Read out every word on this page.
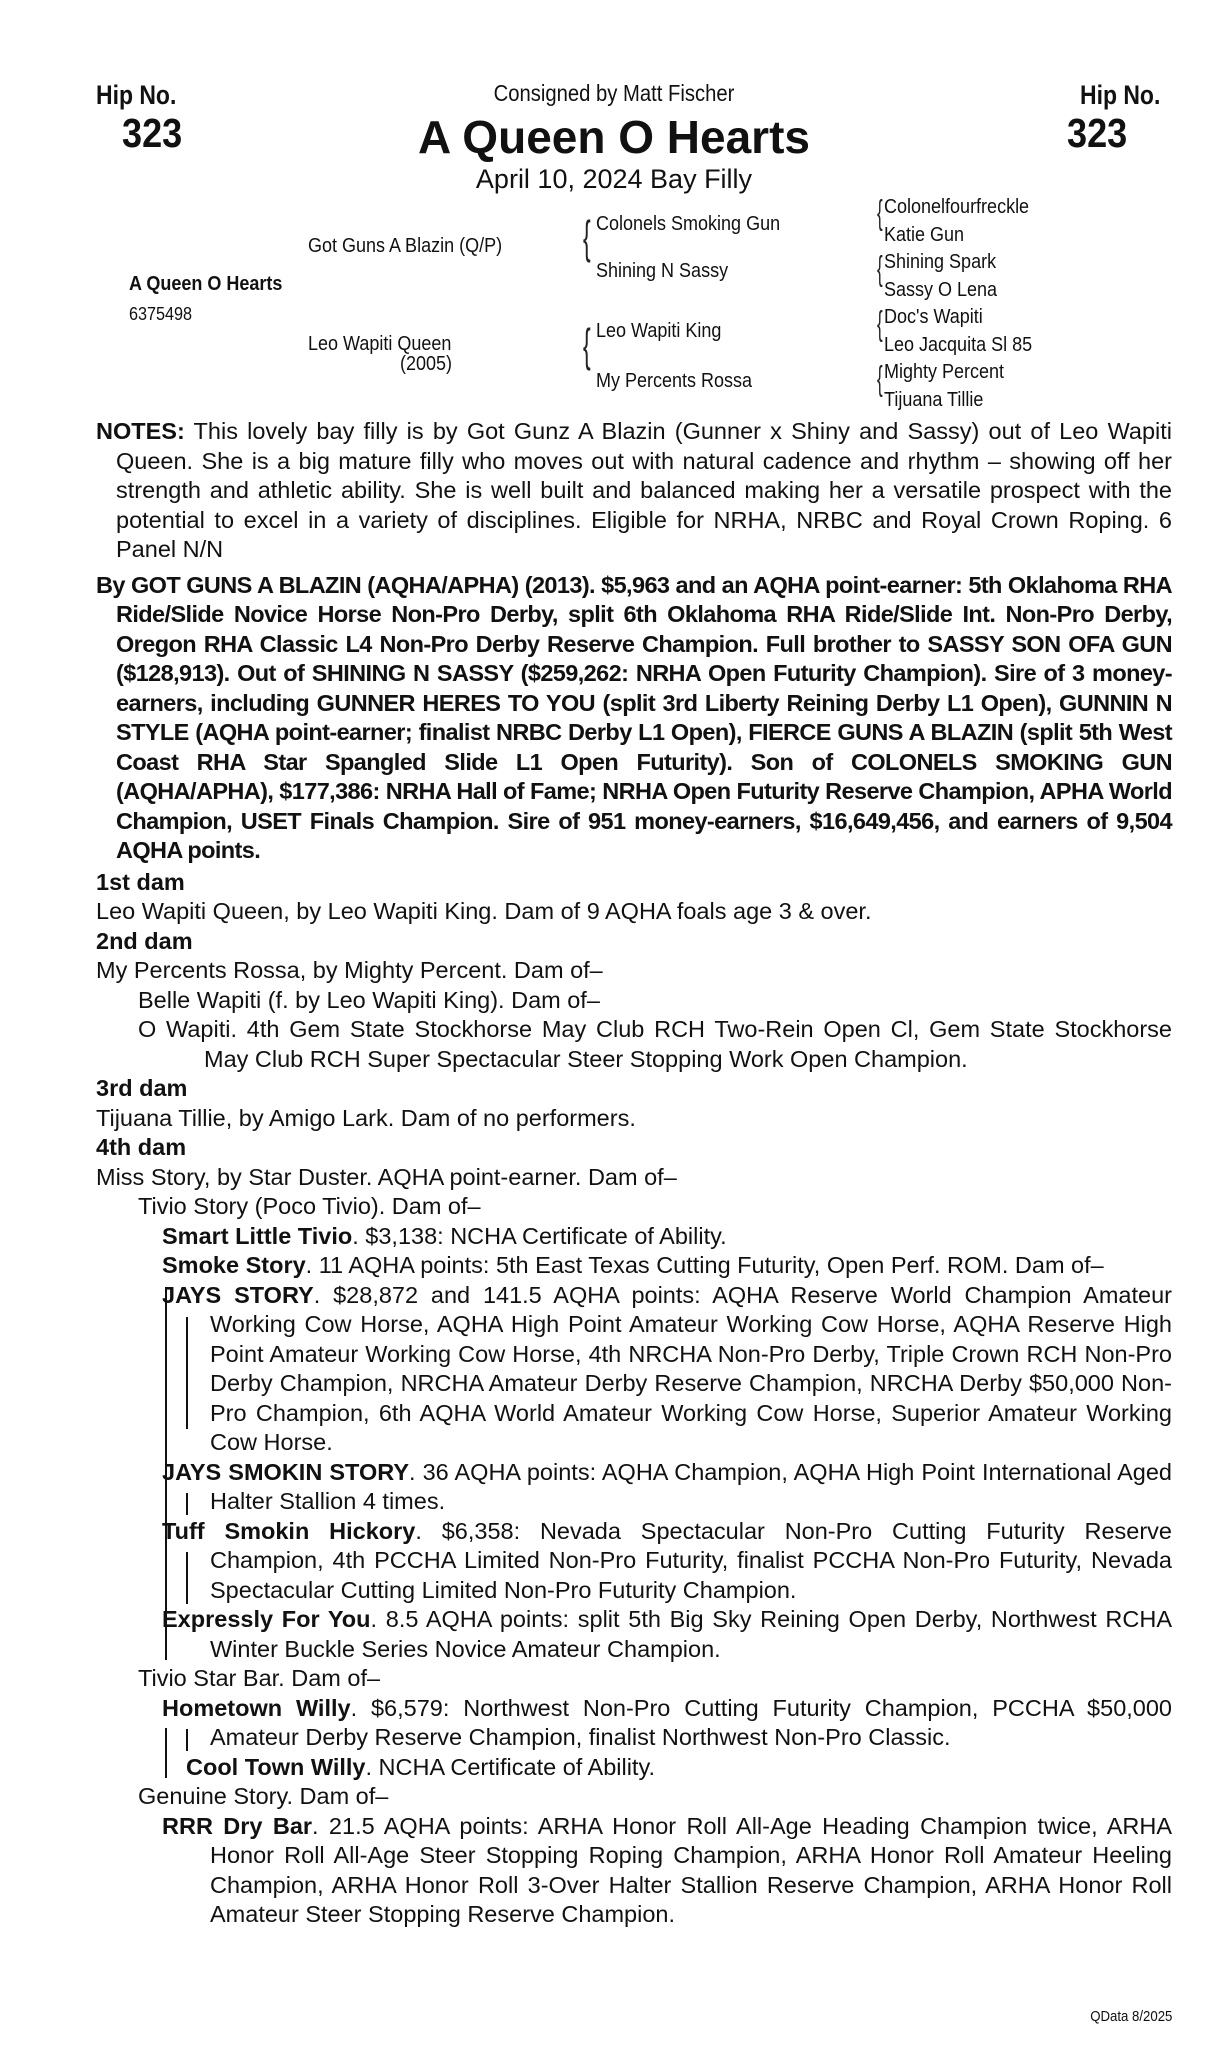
Hip No.
323
Hip No.
323
Consigned by Matt Fischer
A Queen O Hearts
April 10, 2024 Bay Filly
A Queen O Hearts
6375498
Got Guns A Blazin (Q/P)
Leo Wapiti Queen
(2005)
{ Colonels Smoking Gun
Shining N Sassy
{ Leo Wapiti King
My Percents Rossa
{ Colonelfourfreckle
Katie Gun
{ Shining Spark
Sassy O Lena
{ Doc's Wapiti
Leo Jacquita Sl 85
{ Mighty Percent
Tijuana Tillie

NOTES: This lovely bay filly is by Got Gunz A Blazin (Gunner x Shiny and Sassy) out of Leo Wapiti Queen. She is a big mature filly who moves out with natural cadence and rhythm – showing off her strength and athletic ability. She is well built and balanced making her a versatile prospect with the potential to excel in a variety of disciplines. Eligible for NRHA, NRBC and Royal Crown Roping. 6 Panel N/N

By GOT GUNS A BLAZIN (AQHA/APHA) (2013). $5,963 and an AQHA point-earner: 5th Oklahoma RHA Ride/Slide Novice Horse Non-Pro Derby, split 6th Oklahoma RHA Ride/Slide Int. Non-Pro Derby, Oregon RHA Classic L4 Non-Pro Derby Reserve Champion. Full brother to SASSY SON OFA GUN ($128,913). Out of SHINING N SASSY ($259,262: NRHA Open Futurity Champion). Sire of 3 money-earners, including GUNNER HERES TO YOU (split 3rd Liberty Reining Derby L1 Open), GUNNIN N STYLE (AQHA point-earner; finalist NRBC Derby L1 Open), FIERCE GUNS A BLAZIN (split 5th West Coast RHA Star Spangled Slide L1 Open Futurity). Son of COLONELS SMOKING GUN (AQHA/APHA), $177,386: NRHA Hall of Fame; NRHA Open Futurity Reserve Champion, APHA World Champion, USET Finals Champion. Sire of 951 money-earners, $16,649,456, and earners of 9,504 AQHA points.

1st dam

Leo Wapiti Queen, by Leo Wapiti King. Dam of 9 AQHA foals age 3 & over.

2nd dam

My Percents Rossa, by Mighty Percent. Dam of–

Belle Wapiti (f. by Leo Wapiti King). Dam of–

O Wapiti. 4th Gem State Stockhorse May Club RCH Two-Rein Open Cl, Gem State Stockhorse May Club RCH Super Spectacular Steer Stopping Work Open Champion.

3rd dam

Tijuana Tillie, by Amigo Lark. Dam of no performers.

4th dam

Miss Story, by Star Duster. AQHA point-earner. Dam of–

Tivio Story (Poco Tivio). Dam of–

Smart Little Tivio. $3,138: NCHA Certificate of Ability.

Smoke Story. 11 AQHA points: 5th East Texas Cutting Futurity, Open Perf. ROM. Dam of–

JAYS STORY. $28,872 and 141.5 AQHA points: AQHA Reserve World Champion Amateur Working Cow Horse, AQHA High Point Amateur Working Cow Horse, AQHA Reserve High Point Amateur Working Cow Horse, 4th NRCHA Non-Pro Derby, Triple Crown RCH Non-Pro Derby Champion, NRCHA Amateur Derby Reserve Champion, NRCHA Derby $50,000 Non-Pro Champion, 6th AQHA World Amateur Working Cow Horse, Superior Amateur Working Cow Horse.

JAYS SMOKIN STORY. 36 AQHA points: AQHA Champion, AQHA High Point International Aged Halter Stallion 4 times.

Tuff Smokin Hickory. $6,358: Nevada Spectacular Non-Pro Cutting Futurity Reserve Champion, 4th PCCHA Limited Non-Pro Futurity, finalist PCCHA Non-Pro Futurity, Nevada Spectacular Cutting Limited Non-Pro Futurity Champion.

Expressly For You. 8.5 AQHA points: split 5th Big Sky Reining Open Derby, Northwest RCHA Winter Buckle Series Novice Amateur Champion.

Tivio Star Bar. Dam of–

Hometown Willy. $6,579: Northwest Non-Pro Cutting Futurity Champion, PCCHA $50,000 Amateur Derby Reserve Champion, finalist Northwest Non-Pro Classic.

Cool Town Willy. NCHA Certificate of Ability.

Genuine Story. Dam of–

RRR Dry Bar. 21.5 AQHA points: ARHA Honor Roll All-Age Heading Champion twice, ARHA Honor Roll All-Age Steer Stopping Roping Champion, ARHA Honor Roll Amateur Heeling Champion, ARHA Honor Roll 3-Over Halter Stallion Reserve Champion, ARHA Honor Roll Amateur Steer Stopping Reserve Champion.

QData 8/2025
